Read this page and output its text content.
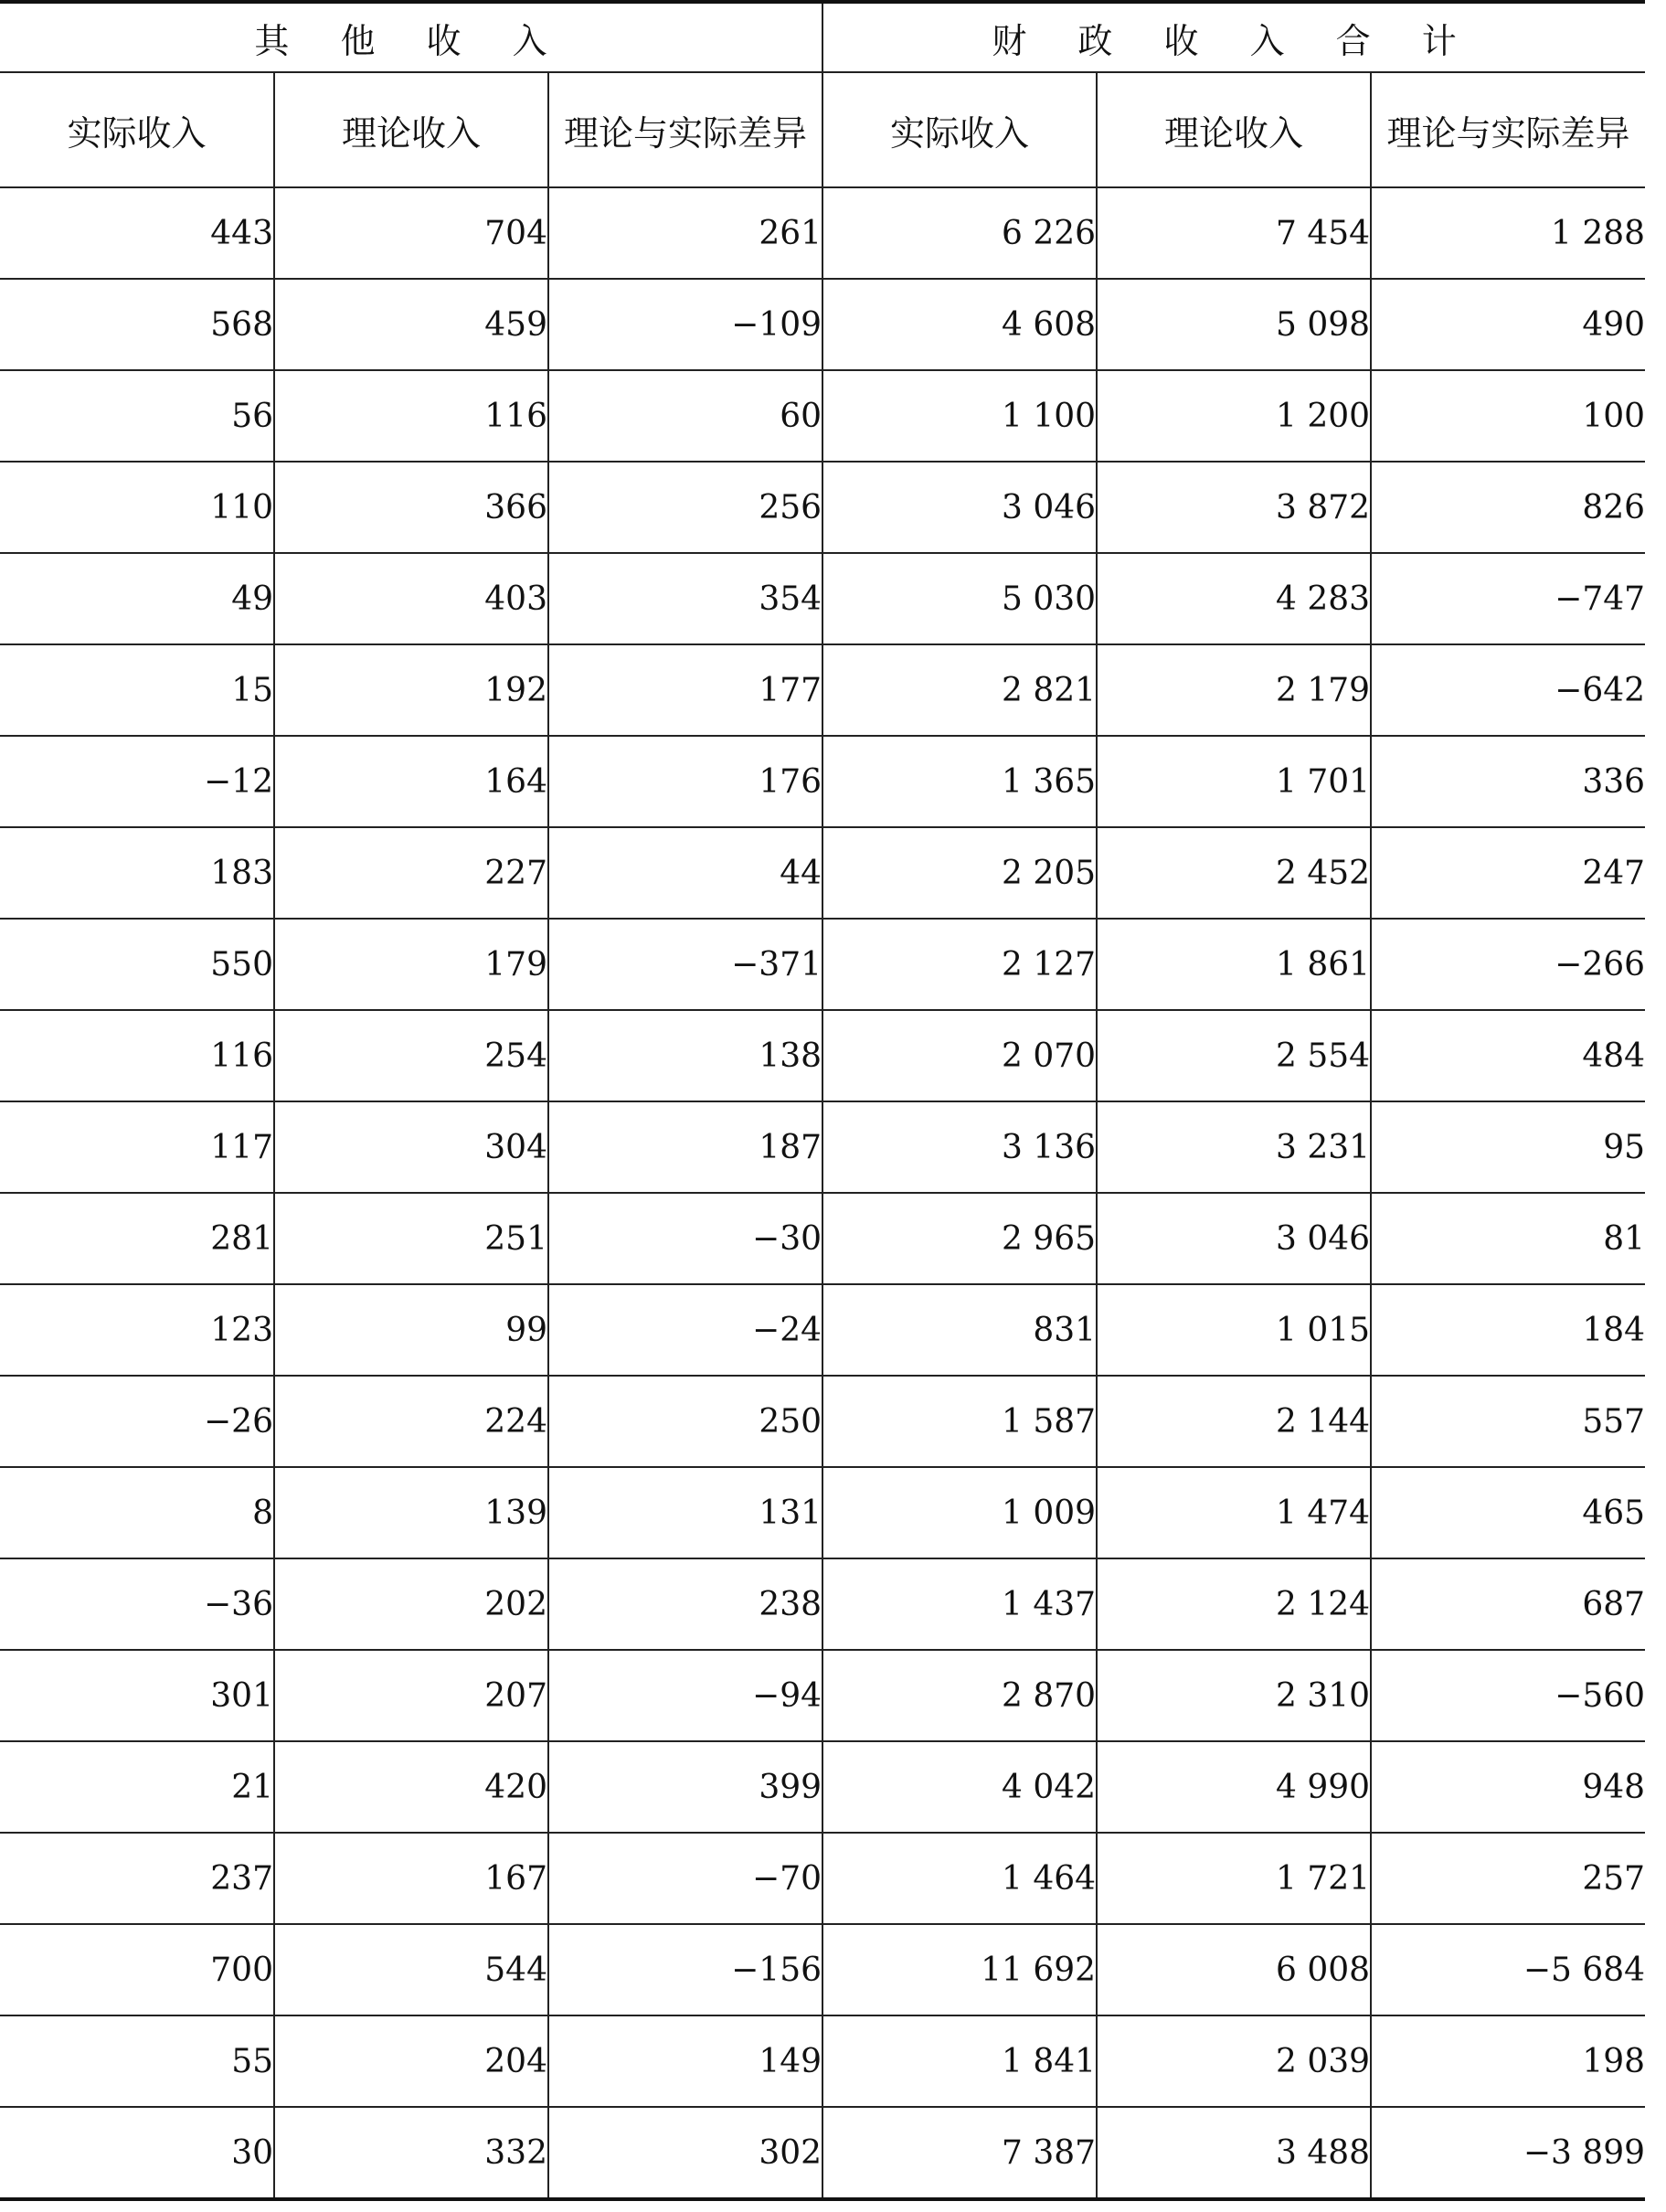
其 他 收 入			财 政 收 入 合 计		
实际收入	理论收入	理论与实际差异	实际收入	理论收入	理论与实际差异
443	704	261	6 226	7 454	1 288
568	459	−109	4 608	5 098	490
56	116	60	1 100	1 200	100
110	366	256	3 046	3 872	826
49	403	354	5 030	4 283	−747
15	192	177	2 821	2 179	−642
−12	164	176	1 365	1 701	336
183	227	44	2 205	2 452	247
550	179	−371	2 127	1 861	−266
116	254	138	2 070	2 554	484
117	304	187	3 136	3 231	95
281	251	−30	2 965	3 046	81
123	99	−24	831	1 015	184
−26	224	250	1 587	2 144	557
8	139	131	1 009	1 474	465
−36	202	238	1 437	2 124	687
301	207	−94	2 870	2 310	−560
21	420	399	4 042	4 990	948
237	167	−70	1 464	1 721	257
700	544	−156	11 692	6 008	−5 684
55	204	149	1 841	2 039	198
30	332	302	7 387	3 488	−3 899
